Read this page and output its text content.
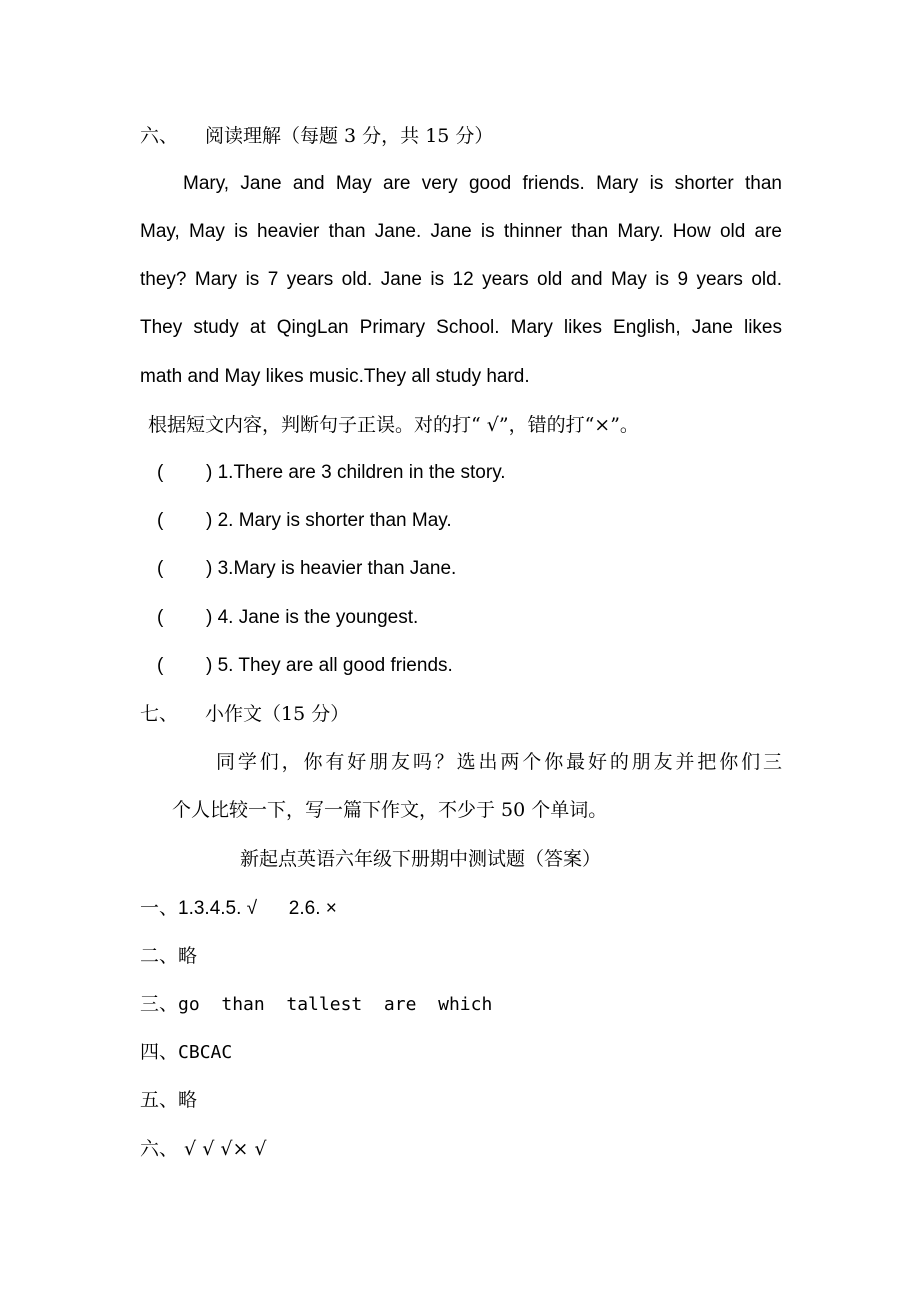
六、 阅读理解（每题 3 分，共 15 分）
Mary, Jane and May are very good friends. Mary is shorter than
May, May is heavier than Jane. Jane is thinner than Mary. How old are
they? Mary is 7 years old. Jane is 12 years old and May is 9 years old.
They study at QingLan Primary School. Mary likes English, Jane likes
math and May likes music.They all study hard.
根据短文内容，判断句子正误。对的打“ √”，错的打“×”。
( ) 1.There are 3 children in the story.
( ) 2. Mary is shorter than May.
( ) 3.Mary is heavier than Jane.
( ) 4. Jane is the youngest.
( ) 5. They are all good friends.
七、 小作文（15 分）
同学们，你有好朋友吗？选出两个你最好的朋友并把你们三
个人比较一下，写一篇下作文，不少于 50 个单词。
新起点英语六年级下册期中测试题（答案）
一、1.3.4.5. √      2.6. ×
二、略
三、go  than  tallest  are  which
四、CBCAC
五、略
六、 √ √ √× √
